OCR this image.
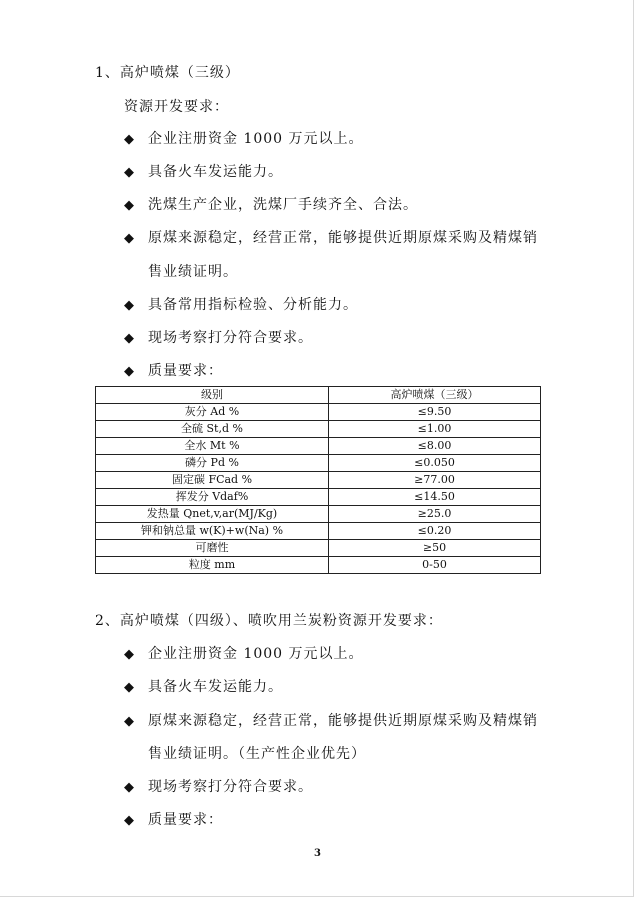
1、高炉喷煤（三级）
资源开发要求：
◆ 企业注册资金 1000 万元以上。
◆ 具备火车发运能力。
◆ 洗煤生产企业，洗煤厂手续齐全、合法。
◆ 原煤来源稳定，经营正常，能够提供近期原煤采购及精煤销
售业绩证明。
◆ 具备常用指标检验、分析能力。
◆ 现场考察打分符合要求。
◆ 质量要求：
级别	高炉喷煤（三级）
灰分 Ad %	≤9.50
全硫 St,d %	≤1.00
全水 Mt %	≤8.00
磷分 Pd %	≤0.050
固定碳 FCad %	≥77.00
挥发分 Vdaf%	≤14.50
发热量 Qnet,v,ar(MJ/Kg)	≥25.0
钾和钠总量 w(K)+w(Na) %	≤0.20
可磨性	≥50
粒度 mm	0-50
2、高炉喷煤（四级）、喷吹用兰炭粉资源开发要求：
◆ 企业注册资金 1000 万元以上。
◆ 具备火车发运能力。
◆ 原煤来源稳定，经营正常，能够提供近期原煤采购及精煤销
售业绩证明。（生产性企业优先）
◆ 现场考察打分符合要求。
◆ 质量要求：
3
